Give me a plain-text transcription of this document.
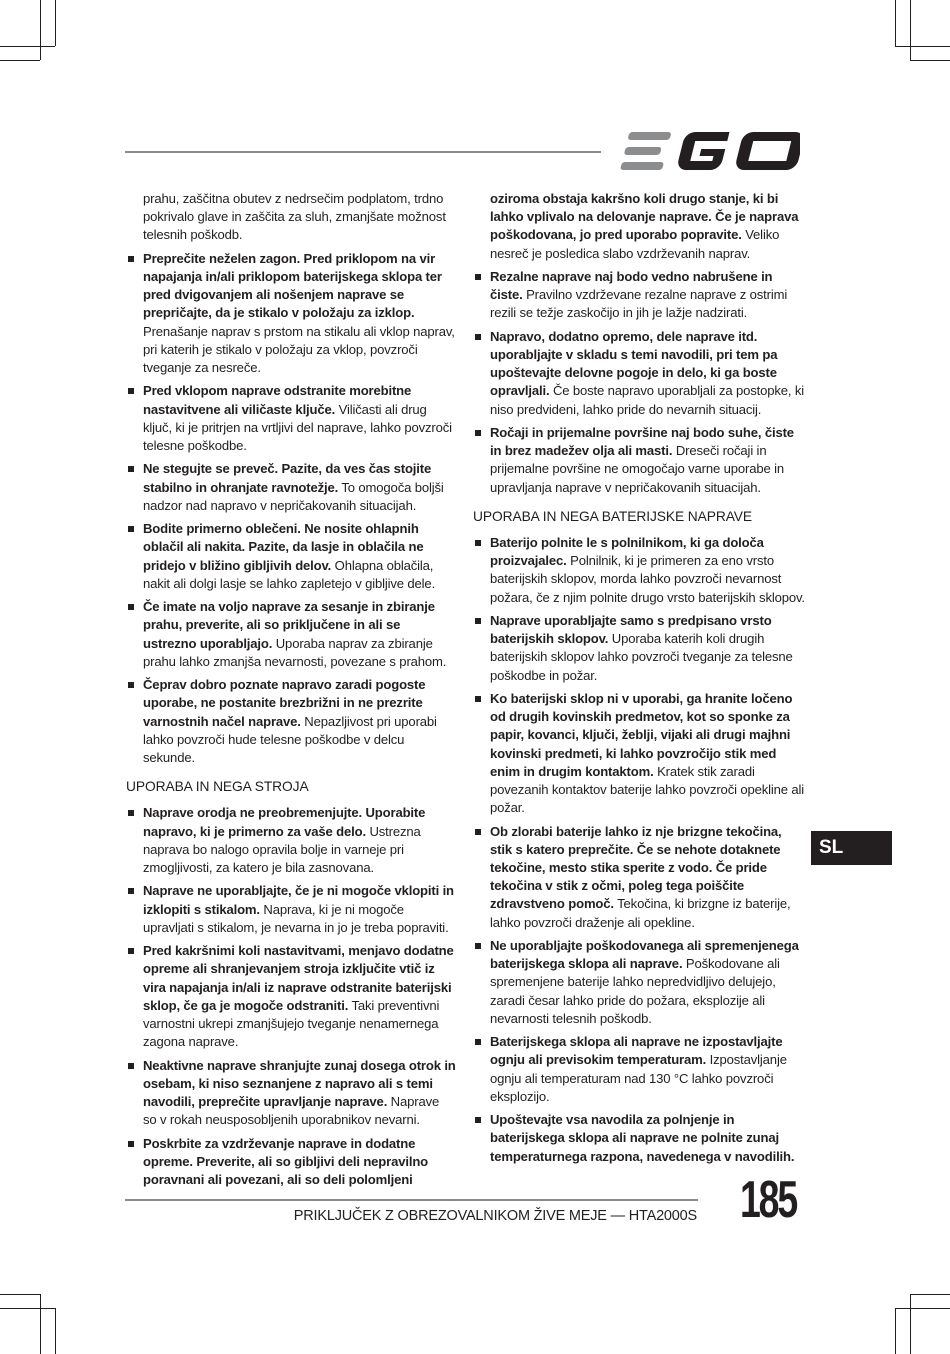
prahu, zaščitna obutev z nedrsečim podplatom, trdno pokrivalo glave in zaščita za sluh, zmanjšate možnost telesnih poškodb.

Preprečite neželen zagon. Pred priklopom na vir napajanja in/ali priklopom baterijskega sklopa ter pred dvigovanjem ali nošenjem naprave se prepričajte, da je stikalo v položaju za izklop. Prenašanje naprav s prstom na stikalu ali vklop naprav, pri katerih je stikalo v položaju za vklop, povzroči tveganje za nesreče.

Pred vklopom naprave odstranite morebitne nastavitvene ali viličaste ključe. Viličasti ali drug ključ, ki je pritrjen na vrtljivi del naprave, lahko povzroči telesne poškodbe.

Ne stegujte se preveč. Pazite, da ves čas stojite stabilno in ohranjate ravnotežje. To omogoča boljši nadzor nad napravo v nepričakovanih situacijah.

Bodite primerno oblečeni. Ne nosite ohlapnih oblačil ali nakita. Pazite, da lasje in oblačila ne pridejo v bližino gibljivih delov. Ohlapna oblačila, nakit ali dolgi lasje se lahko zapletejo v gibljive dele.

Če imate na voljo naprave za sesanje in zbiranje prahu, preverite, ali so priključene in ali se ustrezno uporabljajo. Uporaba naprav za zbiranje prahu lahko zmanjša nevarnosti, povezane s prahom.

Čeprav dobro poznate napravo zaradi pogoste uporabe, ne postanite brezbrižni in ne prezrite varnostnih načel naprave. Nepazljivost pri uporabi lahko povzroči hude telesne poškodbe v delcu sekunde.

UPORABA IN NEGA STROJA

Naprave orodja ne preobremenjujte. Uporabite napravo, ki je primerno za vaše delo. Ustrezna naprava bo nalogo opravila bolje in varneje pri zmogljivosti, za katero je bila zasnovana.

Naprave ne uporabljajte, če je ni mogoče vklopiti in izklopiti s stikalom. Naprava, ki je ni mogoče upravljati s stikalom, je nevarna in jo je treba popraviti.

Pred kakršnimi koli nastavitvami, menjavo dodatne opreme ali shranjevanjem stroja izključite vtič iz vira napajanja in/ali iz naprave odstranite baterijski sklop, če ga je mogoče odstraniti. Taki preventivni varnostni ukrepi zmanjšujejo tveganje nenamernega zagona naprave.

Neaktivne naprave shranjujte zunaj dosega otrok in osebam, ki niso seznanjene z napravo ali s temi navodili, preprečite upravljanje naprave. Naprave so v rokah neusposobljenih uporabnikov nevarni.

Poskrbite za vzdrževanje naprave in dodatne opreme. Preverite, ali so gibljivi deli nepravilno poravnani ali povezani, ali so deli polomljeni

oziroma obstaja kakršno koli drugo stanje, ki bi lahko vplivalo na delovanje naprave. Če je naprava poškodovana, jo pred uporabo popravite. Veliko nesreč je posledica slabo vzdrževanih naprav.

Rezalne naprave naj bodo vedno nabrušene in čiste. Pravilno vzdrževane rezalne naprave z ostrimi rezili se težje zaskočijo in jih je lažje nadzirati.

Napravo, dodatno opremo, dele naprave itd. uporabljajte v skladu s temi navodili, pri tem pa upoštevajte delovne pogoje in delo, ki ga boste opravljali. Če boste napravo uporabljali za postopke, ki niso predvideni, lahko pride do nevarnih situacij.

Ročaji in prijemalne površine naj bodo suhe, čiste in brez madežev olja ali masti. Dreseči ročaji in prijemalne površine ne omogočajo varne uporabe in upravljanja naprave v nepričakovanih situacijah.

UPORABA IN NEGA BATERIJSKE NAPRAVE

Baterijo polnite le s polnilnikom, ki ga določa proizvajalec. Polnilnik, ki je primeren za eno vrsto baterijskih sklopov, morda lahko povzroči nevarnost požara, če z njim polnite drugo vrsto baterijskih sklopov.

Naprave uporabljajte samo s predpisano vrsto baterijskih sklopov. Uporaba katerih koli drugih baterijskih sklopov lahko povzroči tveganje za telesne poškodbe in požar.

Ko baterijski sklop ni v uporabi, ga hranite ločeno od drugih kovinskih predmetov, kot so sponke za papir, kovanci, ključi, žeblji, vijaki ali drugi majhni kovinski predmeti, ki lahko povzročijo stik med enim in drugim kontaktom. Kratek stik zaradi povezanih kontaktov baterije lahko povzroči opekline ali požar.

Ob zlorabi baterije lahko iz nje brizgne tekočina, stik s katero preprečite. Če se nehote dotaknete tekočine, mesto stika sperite z vodo. Če pride tekočina v stik z očmi, poleg tega poiščite zdravstveno pomoč. Tekočina, ki brizgne iz baterije, lahko povzroči draženje ali opekline.

Ne uporabljajte poškodovanega ali spremenjenega baterijskega sklopa ali naprave. Poškodovane ali spremenjene baterije lahko nepredvidljivo delujejo, zaradi česar lahko pride do požara, eksplozije ali nevarnosti telesnih poškodb.

Baterijskega sklopa ali naprave ne izpostavljajte ognju ali previsokim temperaturam. Izpostavljanje ognju ali temperaturam nad 130 °C lahko povzroči eksplozijo.

Upoštevajte vsa navodila za polnjenje in baterijskega sklopa ali naprave ne polnite zunaj temperaturnega razpona, navedenega v navodilih.

SL
PRIKLJUČEK Z OBREZOVALNIKOM ŽIVE MEJE — HTA2000S 185
